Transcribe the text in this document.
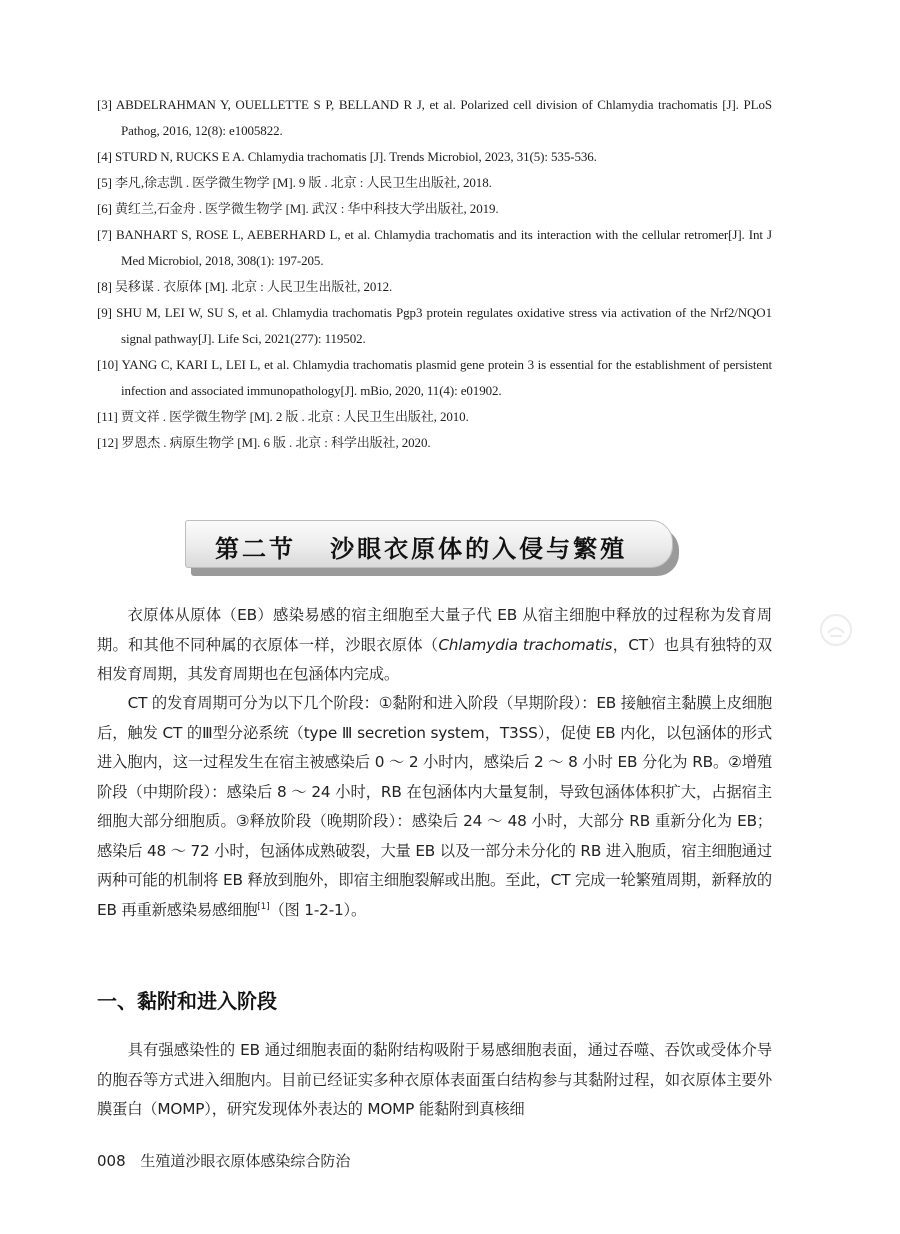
[3] ABDELRAHMAN Y, OUELLETTE S P, BELLAND R J, et al. Polarized cell division of Chlamydia trachomatis [J]. PLoS Pathog, 2016, 12(8): e1005822.
[4] STURD N, RUCKS E A. Chlamydia trachomatis [J]. Trends Microbiol, 2023, 31(5): 535-536.
[5] 李凡,徐志凯 . 医学微生物学 [M]. 9 版 . 北京 : 人民卫生出版社, 2018.
[6] 黄红兰,石金舟 . 医学微生物学 [M]. 武汉 : 华中科技大学出版社, 2019.
[7] BANHART S, ROSE L, AEBERHARD L, et al. Chlamydia trachomatis and its interaction with the cellular retromer[J]. Int J Med Microbiol, 2018, 308(1): 197-205.
[8] 吴移谋 . 衣原体 [M]. 北京 : 人民卫生出版社, 2012.
[9] SHU M, LEI W, SU S, et al. Chlamydia trachomatis Pgp3 protein regulates oxidative stress via activation of the Nrf2/NQO1 signal pathway[J]. Life Sci, 2021(277): 119502.
[10] YANG C, KARI L, LEI L, et al. Chlamydia trachomatis plasmid gene protein 3 is essential for the establishment of persistent infection and associated immunopathology[J]. mBio, 2020, 11(4): e01902.
[11] 贾文祥 . 医学微生物学 [M]. 2 版 . 北京 : 人民卫生出版社, 2010.
[12] 罗恩杰 . 病原生物学 [M]. 6 版 . 北京 : 科学出版社, 2020.
第二节 沙眼衣原体的入侵与繁殖

衣原体从原体（EB）感染易感的宿主细胞至大量子代 EB 从宿主细胞中释放的过程称为发育周期。和其他不同种属的衣原体一样，沙眼衣原体（Chlamydia trachomatis，CT）也具有独特的双相发育周期，其发育周期也在包涵体内完成。

CT 的发育周期可分为以下几个阶段：①黏附和进入阶段（早期阶段）：EB 接触宿主黏膜上皮细胞后，触发 CT 的Ⅲ型分泌系统（type Ⅲ secretion system，T3SS），促使 EB 内化，以包涵体的形式进入胞内，这一过程发生在宿主被感染后 0 ～ 2 小时内，感染后 2 ～ 8 小时 EB 分化为 RB。②增殖阶段（中期阶段）：感染后 8 ～ 24 小时，RB 在包涵体内大量复制，导致包涵体体积扩大，占据宿主细胞大部分细胞质。③释放阶段（晚期阶段）：感染后 24 ～ 48 小时，大部分 RB 重新分化为 EB；感染后 48 ～ 72 小时，包涵体成熟破裂，大量 EB 以及一部分未分化的 RB 进入胞质，宿主细胞通过两种可能的机制将 EB 释放到胞外，即宿主细胞裂解或出胞。至此，CT 完成一轮繁殖周期，新释放的 EB 再重新感染易感细胞[1]（图 1-2-1）。

一、黏附和进入阶段

具有强感染性的 EB 通过细胞表面的黏附结构吸附于易感细胞表面，通过吞噬、吞饮或受体介导的胞吞等方式进入细胞内。目前已经证实多种衣原体表面蛋白结构参与其黏附过程，如衣原体主要外膜蛋白（MOMP），研究发现体外表达的 MOMP 能黏附到真核细

008 生殖道沙眼衣原体感染综合防治
